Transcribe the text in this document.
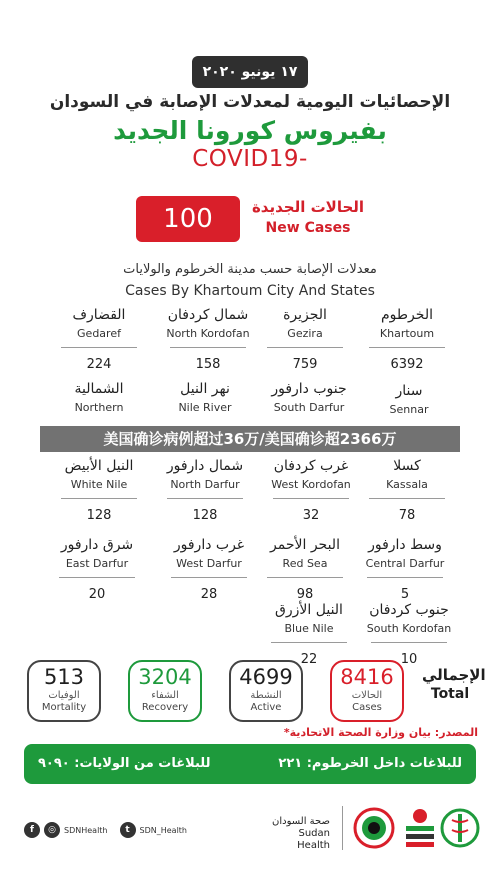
١٧ يونيو ٢٠٢٠
الإحصائيات اليومية لمعدلات الإصابة في السودان
بفيروس كورونا الجديد
COVID19-
100	الحالات الجديدة
New Cases
معدلات الإصابة حسب مدينة الخرطوم والولايات
Cases By Khartoum City And States
الخرطوم
Khartoum
6392
الجزيرة
Gezira
759
شمال كردفان
North Kordofan
158
القضارف
Gedaref
224
سنار
Sennar
جنوب دارفور
South Darfur
نهر النيل
Nile River
الشمالية
Northern
كسلا
Kassala
78
غرب كردفان
West Kordofan
32
شمال دارفور
North Darfur
128
النيل الأبيض
White Nile
128
وسط دارفور
Central Darfur
5
البحر الأحمر
Red Sea
98
غرب دارفور
West Darfur
28
شرق دارفور
East Darfur
20
جنوب كردفان
South Kordofan
10
النيل الأزرق
Blue Nile
22
美国确诊病例超过36万/美国确诊超2366万
الإجمالي
Total
8416
الحالات
Cases
4699
النشطة
Active
3204
الشفاء
Recovery
513
الوفيات
Mortality
*المصدر: بيان وزارة الصحة الاتحادية
للبلاغات داخل الخرطوم: ٢٢١
للبلاغات من الولايات: ٩٠٩٠
f	◎	SDNHealth	t	SDN_Health
صحة السودان
Sudan Health
